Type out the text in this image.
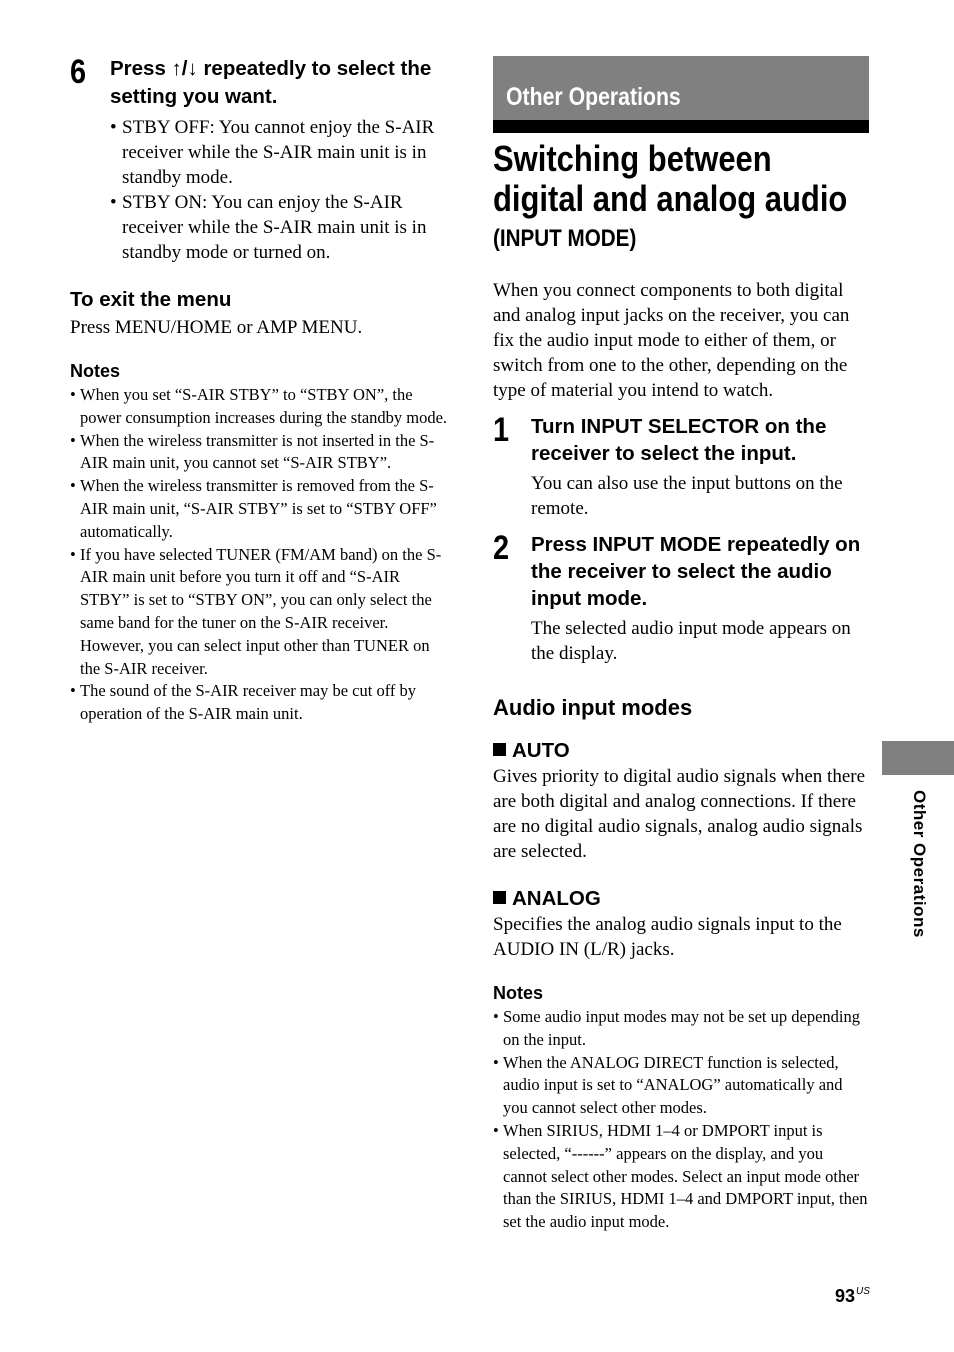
6 Press ↑/↓ repeatedly to select the setting you want.

• STBY OFF: You cannot enjoy the S-AIR receiver while the S-AIR main unit is in standby mode.
• STBY ON: You can enjoy the S-AIR receiver while the S-AIR main unit is in standby mode or turned on.
To exit the menu

Press MENU/HOME or AMP MENU.

Notes
• When you set “S-AIR STBY” to “STBY ON”, the power consumption increases during the standby mode.
• When the wireless transmitter is not inserted in the S-AIR main unit, you cannot set “S-AIR STBY”.
• When the wireless transmitter is removed from the S-AIR main unit, “S-AIR STBY” is set to “STBY OFF” automatically.
• If you have selected TUNER (FM/AM band) on the S-AIR main unit before you turn it off and “S-AIR STBY” is set to “STBY ON”, you can only select the same band for the tuner on the S-AIR receiver. However, you can select input other than TUNER on the S-AIR receiver.
• The sound of the S-AIR receiver may be cut off by operation of the S-AIR main unit.
Other Operations
Switching between digital and analog audio
(INPUT MODE)

When you connect components to both digital and analog input jacks on the receiver, you can fix the audio input mode to either of them, or switch from one to the other, depending on the type of material you intend to watch.

1 Turn INPUT SELECTOR on the receiver to select the input.

You can also use the input buttons on the remote.

2 Press INPUT MODE repeatedly on the receiver to select the audio input mode.

The selected audio input mode appears on the display.

Audio input modes
AUTO

Gives priority to digital audio signals when there are both digital and analog connections. If there are no digital audio signals, analog audio signals are selected.

ANALOG

Specifies the analog audio signals input to the AUDIO IN (L/R) jacks.

Notes
• Some audio input modes may not be set up depending on the input.
• When the ANALOG DIRECT function is selected, audio input is set to “ANALOG” automatically and you cannot select other modes.
• When SIRIUS, HDMI 1–4 or DMPORT input is selected, “------” appears on the display, and you cannot select other modes. Select an input mode other than the SIRIUS, HDMI 1–4 and DMPORT input, then set the audio input mode.
Other Operations
$93^{US}$
